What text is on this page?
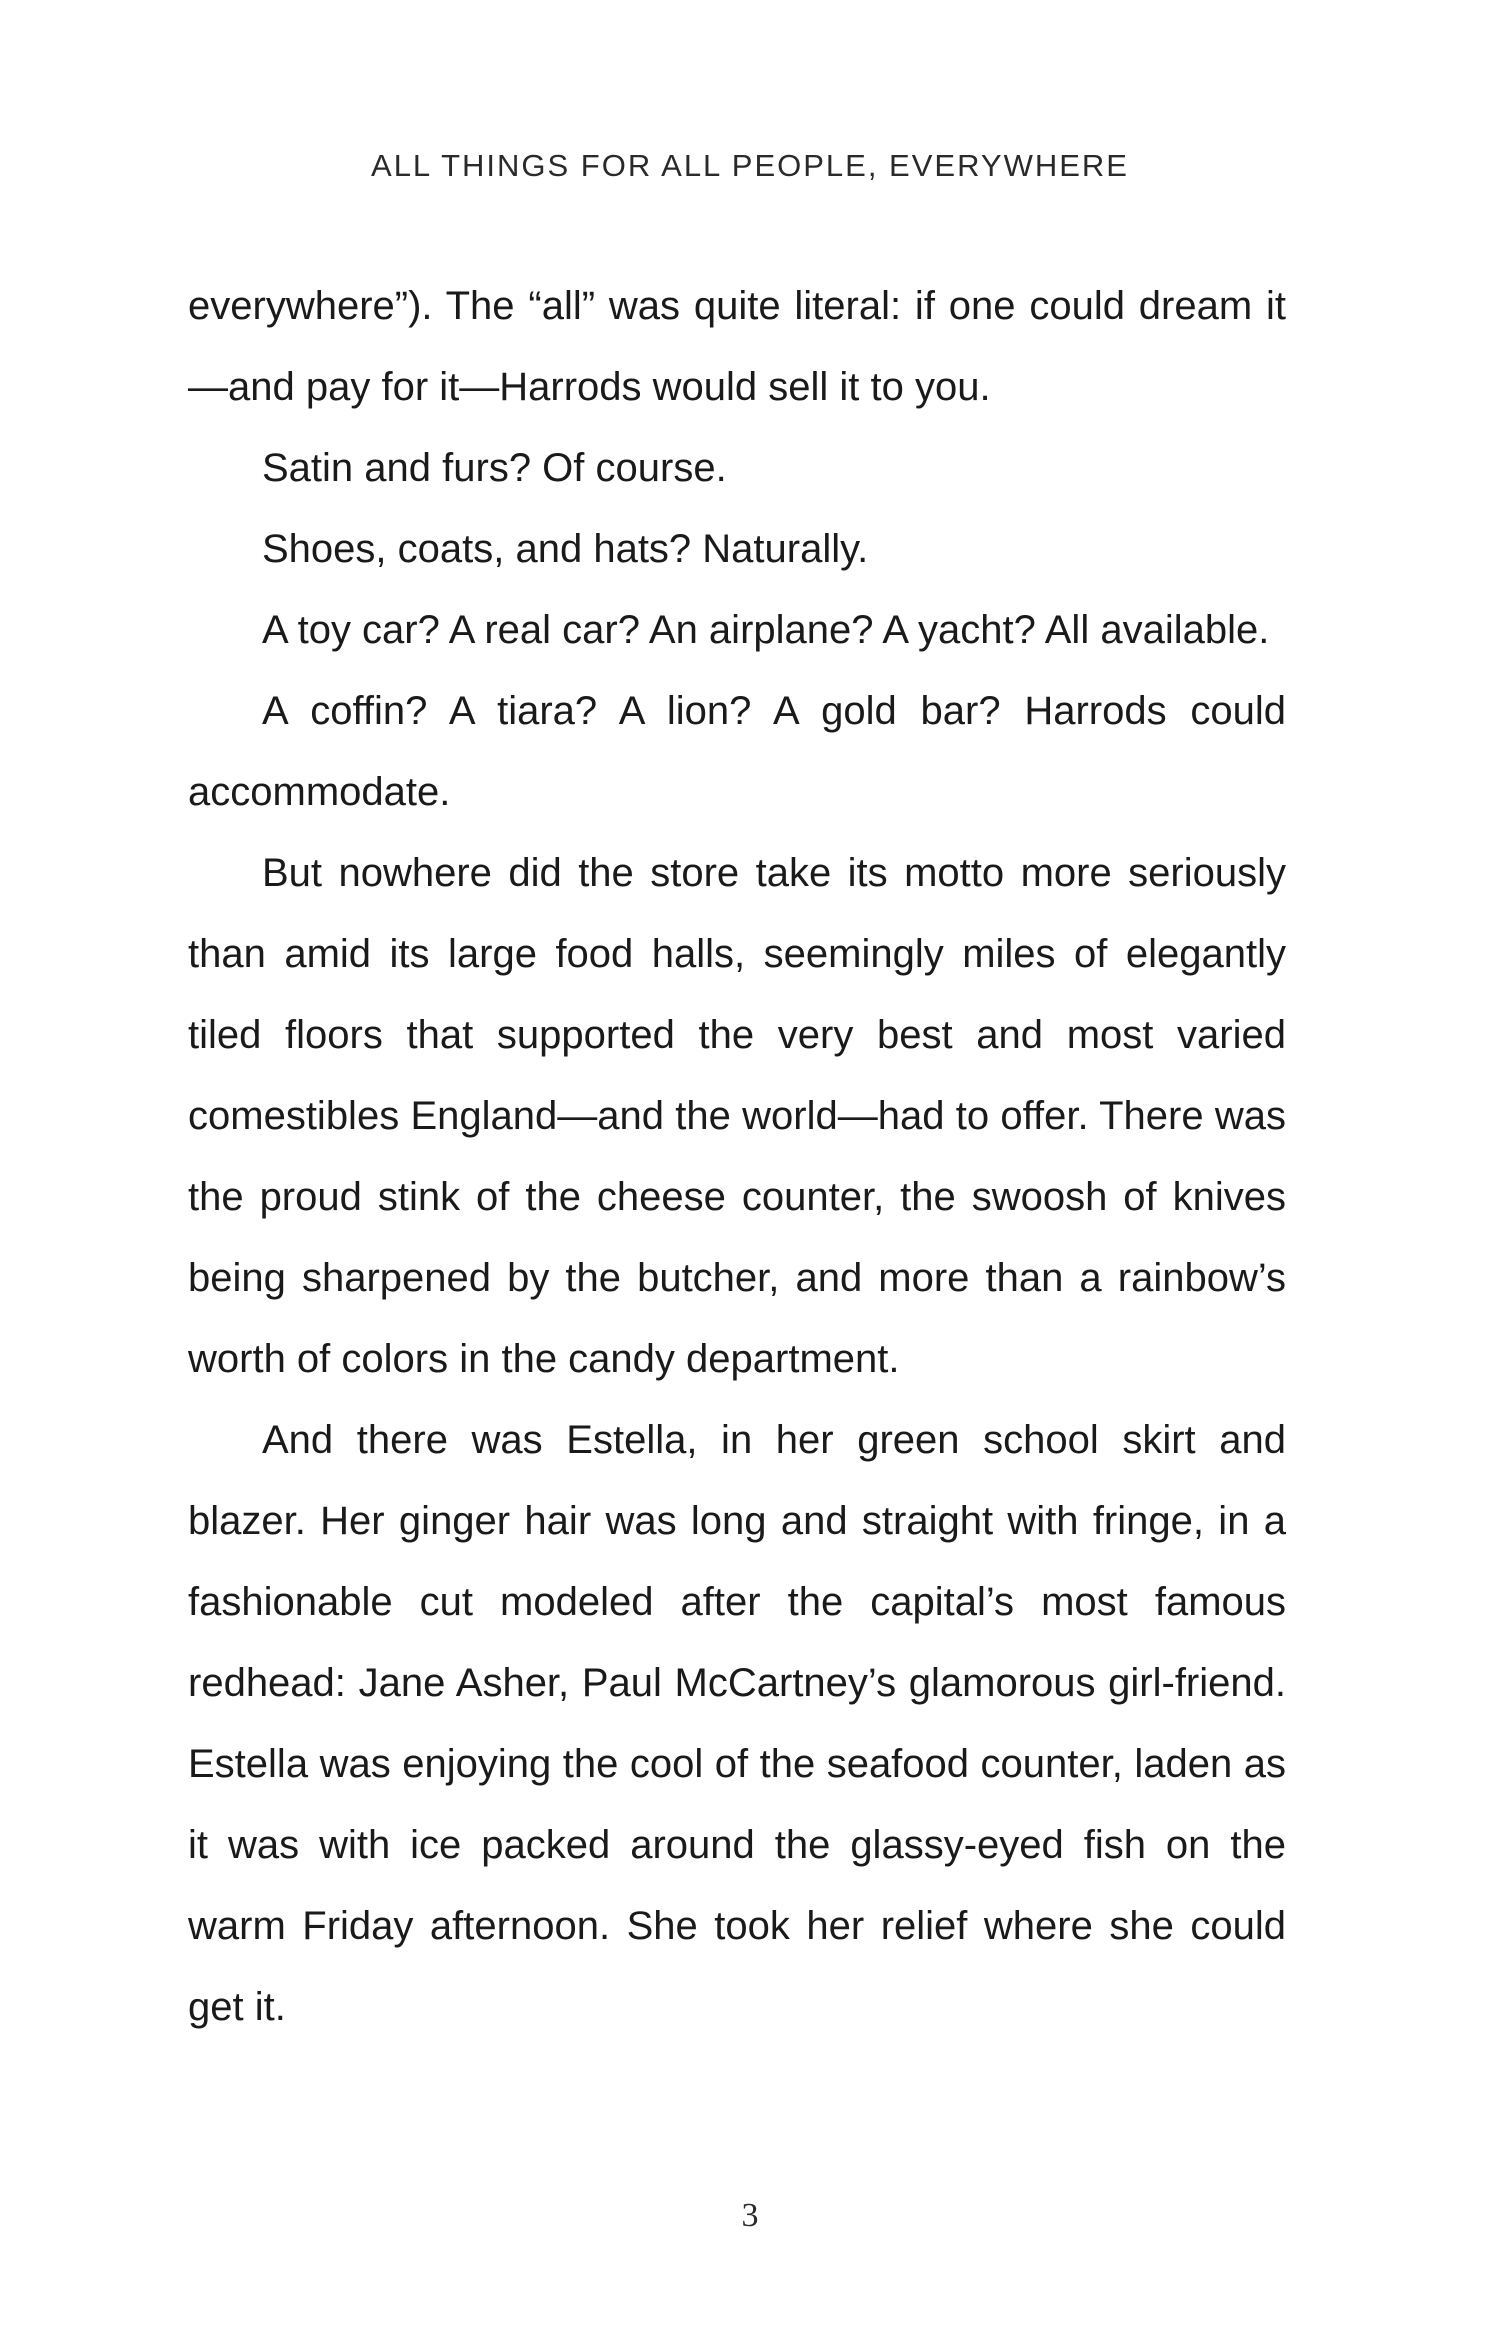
ALL THINGS FOR ALL PEOPLE, EVERYWHERE

everywhere”). The “all” was quite literal: if one could dream it—and pay for it—Harrods would sell it to you.

Satin and furs? Of course.

Shoes, coats, and hats? Naturally.

A toy car? A real car? An airplane? A yacht? All available.

A coffin? A tiara? A lion? A gold bar? Harrods could accommodate.

But nowhere did the store take its motto more seriously than amid its large food halls, seemingly miles of elegantly tiled floors that supported the very best and most varied comestibles England—and the world—had to offer. There was the proud stink of the cheese counter, the swoosh of knives being sharpened by the butcher, and more than a rainbow’s worth of colors in the candy department.

And there was Estella, in her green school skirt and blazer. Her ginger hair was long and straight with fringe, in a fashionable cut modeled after the capital’s most famous redhead: Jane Asher, Paul McCartney’s glamorous girl-friend. Estella was enjoying the cool of the seafood counter, laden as it was with ice packed around the glassy-eyed fish on the warm Friday afternoon. She took her relief where she could get it.

3
